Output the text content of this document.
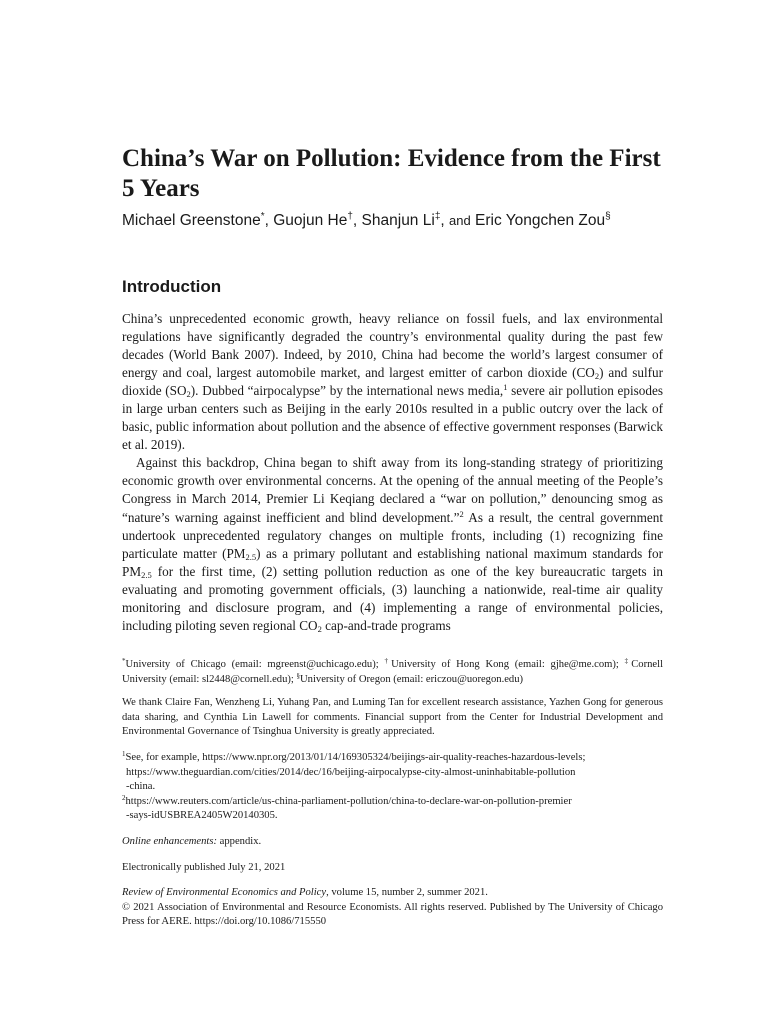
China’s War on Pollution: Evidence from the First 5 Years
Michael Greenstone*, Guojun He†, Shanjun Li‡, and Eric Yongchen Zou§
Introduction

China’s unprecedented economic growth, heavy reliance on fossil fuels, and lax environmental regulations have significantly degraded the country’s environmental quality during the past few decades (World Bank 2007). Indeed, by 2010, China had become the world’s largest consumer of energy and coal, largest automobile market, and largest emitter of carbon dioxide $(CO_2)$ and sulfur dioxide $(SO_2)$. Dubbed “airpocalypse” by the international news media,$^1$ severe air pollution episodes in large urban centers such as Beijing in the early 2010s resulted in a public outcry over the lack of basic, public information about pollution and the absence of effective government responses (Barwick et al. 2019).

Against this backdrop, China began to shift away from its long-standing strategy of prioritizing economic growth over environmental concerns. At the opening of the annual meeting of the People’s Congress in March 2014, Premier Li Keqiang declared a “war on pollution,” denouncing smog as “nature’s warning against inefficient and blind development.”$^2$ As a result, the central government undertook unprecedented regulatory changes on multiple fronts, including (1) recognizing fine particulate matter $(PM_{2.5})$ as a primary pollutant and establishing national maximum standards for $PM_{2.5}$ for the first time, (2) setting pollution reduction as one of the key bureaucratic targets in evaluating and promoting government officials, (3) launching a nationwide, real-time air quality monitoring and disclosure program, and (4) implementing a range of environmental policies, including piloting seven regional $CO_2$ cap-and-trade programs

*University of Chicago (email: mgreenst@uchicago.edu); †University of Hong Kong (email: gjhe@me.com); ‡Cornell University (email: sl2448@cornell.edu); §University of Oregon (email: ericzou@uoregon.edu)

We thank Claire Fan, Wenzheng Li, Yuhang Pan, and Luming Tan for excellent research assistance, Yazhen Gong for generous data sharing, and Cynthia Lin Lawell for comments. Financial support from the Center for Industrial Development and Environmental Governance of Tsinghua University is greatly appreciated.

$^1$See, for example, https://www.npr.org/2013/01/14/169305324/beijings-air-quality-reaches-hazardous-levels;

https://www.theguardian.com/cities/2014/dec/16/beijing-airpocalypse-city-almost-uninhabitable-pollution

-china.

$^2$https://www.reuters.com/article/us-china-parliament-pollution/china-to-declare-war-on-pollution-premier

-says-idUSBREA2405W20140305.

Online enhancements: appendix.

Electronically published July 21, 2021

Review of Environmental Economics and Policy, volume 15, number 2, summer 2021.

© 2021 Association of Environmental and Resource Economists. All rights reserved. Published by The University of Chicago Press for AERE. https://doi.org/10.1086/715550
